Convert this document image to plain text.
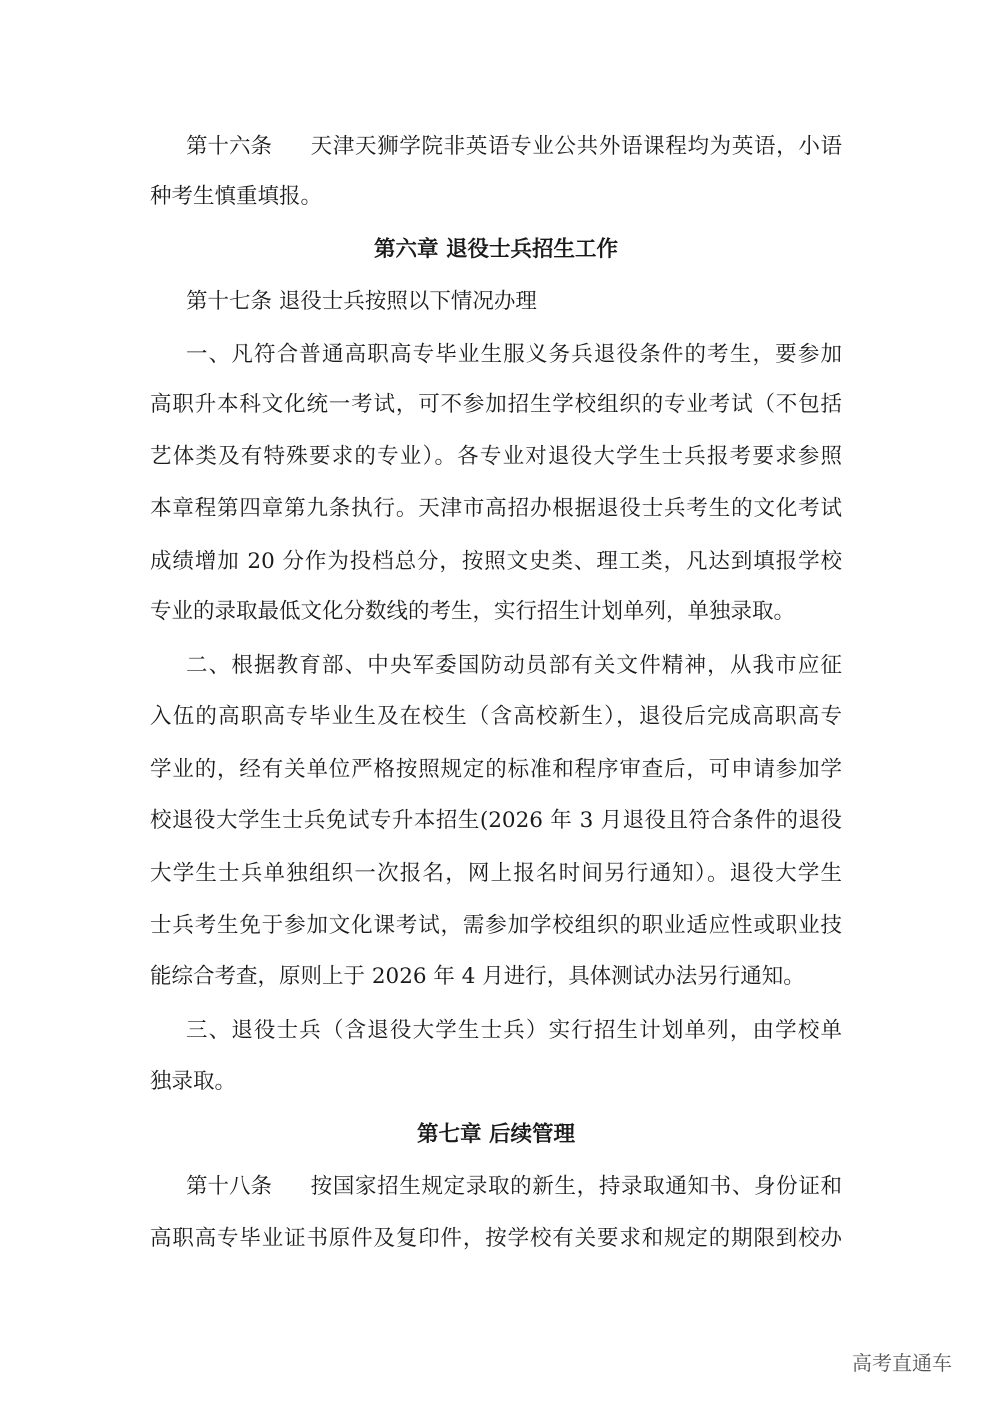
第十六条 天津天狮学院非英语专业公共外语课程均为英语，小语
种考生慎重填报。
第六章 退役士兵招生工作
第十七条 退役士兵按照以下情况办理
一、凡符合普通高职高专毕业生服义务兵退役条件的考生，要参加
高职升本科文化统一考试，可不参加招生学校组织的专业考试（不包括
艺体类及有特殊要求的专业）。各专业对退役大学生士兵报考要求参照
本章程第四章第九条执行。天津市高招办根据退役士兵考生的文化考试
成绩增加 20 分作为投档总分，按照文史类、理工类，凡达到填报学校
专业的录取最低文化分数线的考生，实行招生计划单列，单独录取。
二、根据教育部、中央军委国防动员部有关文件精神，从我市应征
入伍的高职高专毕业生及在校生（含高校新生），退役后完成高职高专
学业的，经有关单位严格按照规定的标准和程序审查后，可申请参加学
校退役大学生士兵免试专升本招生(2026 年 3 月退役且符合条件的退役
大学生士兵单独组织一次报名，网上报名时间另行通知）。退役大学生
士兵考生免于参加文化课考试，需参加学校组织的职业适应性或职业技
能综合考查，原则上于 2026 年 4 月进行，具体测试办法另行通知。
三、退役士兵（含退役大学生士兵）实行招生计划单列，由学校单
独录取。
第七章 后续管理
第十八条 按国家招生规定录取的新生，持录取通知书、身份证和
高职高专毕业证书原件及复印件，按学校有关要求和规定的期限到校办
高考直通车
